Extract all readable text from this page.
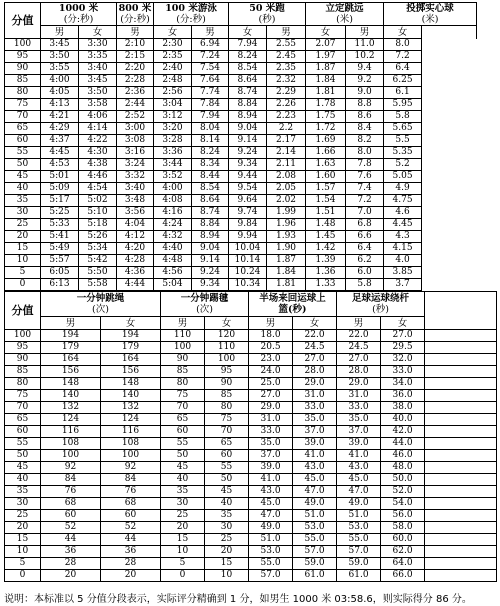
分值	1000 米
(分:秒)		800 米
(分:秒)	100 米游泳
(分:秒)		50 米跑
(秒)		立定跳远
(米)		投掷实心球
(米)		
	男	女	男	女	男	女	男	女	男	女		
100	3:45	3:30	2:10	2:30	6.94	7.94	2.55	2.07	11.0	8.0		
95	3:50	3:35	2:15	2:35	7.24	8.24	2.45	1.97	10.2	7.2		
90	3:55	3:40	2:20	2:40	7.54	8.54	2.35	1.87	9.4	6.4		
85	4:00	3:45	2:28	2:48	7.64	8.64	2.32	1.84	9.2	6.25		
80	4:05	3:50	2:36	2:56	7.74	8.74	2.29	1.81	9.0	6.1		
75	4:13	3:58	2:44	3:04	7.84	8.84	2.26	1.78	8.8	5.95		
70	4:21	4:06	2:52	3:12	7.94	8.94	2.23	1.75	8.6	5.8		
65	4:29	4:14	3:00	3:20	8.04	9.04	2.2	1.72	8.4	5.65		
60	4:37	4:22	3:08	3:28	8.14	9.14	2.17	1.69	8.2	5.5		
55	4:45	4:30	3:16	3:36	8.24	9.24	2.14	1.66	8.0	5.35		
50	4:53	4:38	3:24	3:44	8.34	9.34	2.11	1.63	7.8	5.2		
45	5:01	4:46	3:32	3:52	8.44	9.44	2.08	1.60	7.6	5.05		
40	5:09	4:54	3:40	4:00	8.54	9.54	2.05	1.57	7.4	4.9		
35	5:17	5:02	3:48	4:08	8.64	9.64	2.02	1.54	7.2	4.75		
30	5:25	5:10	3:56	4:16	8.74	9.74	1.99	1.51	7.0	4.6		
25	5:33	5:18	4:04	4:24	8.84	9.84	1.96	1.48	6.8	4.45		
20	5:41	5:26	4:12	4:32	8.94	9.94	1.93	1.45	6.6	4.3		
15	5:49	5:34	4:20	4:40	9.04	10.04	1.90	1.42	6.4	4.15		
10	5:57	5:42	4:28	4:48	9.14	10.14	1.87	1.39	6.2	4.0		
5	6:05	5:50	4:36	4:56	9.24	10.24	1.84	1.36	6.0	3.85		
0	6:13	5:58	4:44	5:04	9.34	10.34	1.81	1.33	5.8	3.7		
分值	一分钟跳绳
(次)		一分钟踢毽
(次)		半场来回运球上
篮(秒)		足球运球绕杆
(秒)		
	男	女	男	女	男	女	男	女	
100	194	194	110	120	18.0	22.0	22.0	27.0	
95	179	179	100	110	20.5	24.5	24.5	29.5	
90	164	164	90	100	23.0	27.0	27.0	32.0	
85	156	156	85	95	24.0	28.0	28.0	33.0	
80	148	148	80	90	25.0	29.0	29.0	34.0	
75	140	140	75	85	27.0	31.0	31.0	36.0	
70	132	132	70	80	29.0	33.0	33.0	38.0	
65	124	124	65	75	31.0	35.0	35.0	40.0	
60	116	116	60	70	33.0	37.0	37.0	42.0	
55	108	108	55	65	35.0	39.0	39.0	44.0	
50	100	100	50	60	37.0	41.0	41.0	46.0	
45	92	92	45	55	39.0	43.0	43.0	48.0	
40	84	84	40	50	41.0	45.0	45.0	50.0	
35	76	76	35	45	43.0	47.0	47.0	52.0	
30	68	68	30	40	45.0	49.0	49.0	54.0	
25	60	60	25	35	47.0	51.0	51.0	56.0	
20	52	52	20	30	49.0	53.0	53.0	58.0	
15	44	44	15	25	51.0	55.0	55.0	60.0	
10	36	36	10	20	53.0	57.0	57.0	62.0	
5	28	28	5	15	55.0	59.0	59.0	64.0	
0	20	20	0	10	57.0	61.0	61.0	66.0	
说明：本标准以 5 分值分段表示，实际评分精确到 1 分，如男生 1000 米 03:58.6，则实际得分 86 分。
